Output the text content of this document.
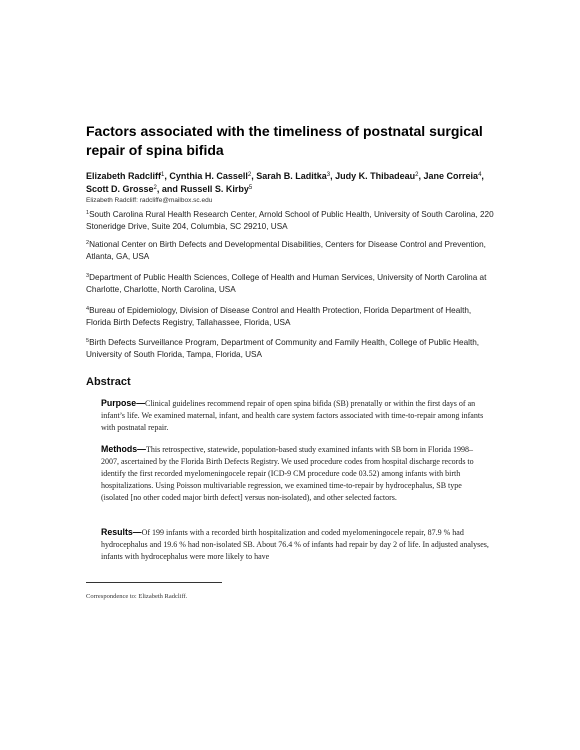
Factors associated with the timeliness of postnatal surgical repair of spina bifida
Elizabeth Radcliff$^1$, Cynthia H. Cassell$^2$, Sarah B. Laditka$^3$, Judy K. Thibadeau$^2$, Jane Correia$^4$, Scott D. Grosse$^2$, and Russell S. Kirby$^5$
Elizabeth Radcliff: radcliffe@mailbox.sc.edu
$^1$South Carolina Rural Health Research Center, Arnold School of Public Health, University of South Carolina, 220 Stoneridge Drive, Suite 204, Columbia, SC 29210, USA
$^2$National Center on Birth Defects and Developmental Disabilities, Centers for Disease Control and Prevention, Atlanta, GA, USA
$^3$Department of Public Health Sciences, College of Health and Human Services, University of North Carolina at Charlotte, Charlotte, North Carolina, USA
$^4$Bureau of Epidemiology, Division of Disease Control and Health Protection, Florida Department of Health, Florida Birth Defects Registry, Tallahassee, Florida, USA
$^5$Birth Defects Surveillance Program, Department of Community and Family Health, College of Public Health, University of South Florida, Tampa, Florida, USA
Abstract
Purpose—Clinical guidelines recommend repair of open spina bifida (SB) prenatally or within the first days of an infant’s life. We examined maternal, infant, and health care system factors associated with time-to-repair among infants with postnatal repair.
Methods—This retrospective, statewide, population-based study examined infants with SB born in Florida 1998–2007, ascertained by the Florida Birth Defects Registry. We used procedure codes from hospital discharge records to identify the first recorded myelomeningocele repair (ICD-9 CM procedure code 03.52) among infants with birth hospitalizations. Using Poisson multivariable regression, we examined time-to-repair by hydrocephalus, SB type (isolated [no other coded major birth defect] versus non-isolated), and other selected factors.
Results—Of 199 infants with a recorded birth hospitalization and coded myelomeningocele repair, 87.9 % had hydrocephalus and 19.6 % had non-isolated SB. About 76.4 % of infants had repair by day 2 of life. In adjusted analyses, infants with hydrocephalus were more likely to have
Correspondence to: Elizabeth Radcliff.
